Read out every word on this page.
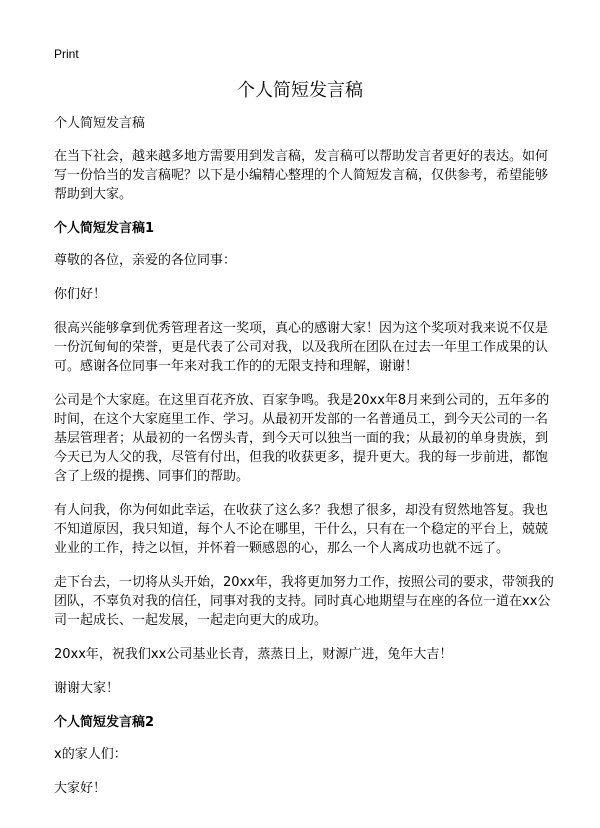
Print
个人简短发言稿

个人简短发言稿

在当下社会，越来越多地方需要用到发言稿，发言稿可以帮助发言者更好的表达。如何写一份恰当的发言稿呢？以下是小编精心整理的个人简短发言稿，仅供参考，希望能够帮助到大家。

个人简短发言稿1

尊敬的各位，亲爱的各位同事：

你们好！

很高兴能够拿到优秀管理者这一奖项，真心的感谢大家！因为这个奖项对我来说不仅是一份沉甸甸的荣誉，更是代表了公司对我，以及我所在团队在过去一年里工作成果的认可。感谢各位同事一年来对我工作的的无限支持和理解，谢谢！

公司是个大家庭。在这里百花齐放、百家争鸣。我是20xx年8月来到公司的，五年多的时间，在这个大家庭里工作、学习。从最初开发部的一名普通员工，到今天公司的一名基层管理者；从最初的一名愣头青，到今天可以独当一面的我；从最初的单身贵族，到今天已为人父的我，尽管有付出，但我的收获更多，提升更大。我的每一步前进，都饱含了上级的提携、同事们的帮助。

有人问我，你为何如此幸运，在收获了这么多？我想了很多，却没有贸然地答复。我也不知道原因，我只知道，每个人不论在哪里，干什么，只有在一个稳定的平台上，兢兢业业的工作，持之以恒，并怀着一颗感恩的心，那么一个人离成功也就不远了。

走下台去，一切将从头开始，20xx年，我将更加努力工作，按照公司的要求，带领我的团队，不辜负对我的信任，同事对我的支持。同时真心地期望与在座的各位一道在xx公司一起成长、一起发展，一起走向更大的成功。

20xx年，祝我们xx公司基业长青，蒸蒸日上，财源广进，兔年大吉！

谢谢大家！

个人简短发言稿2

x的家人们：

大家好！
